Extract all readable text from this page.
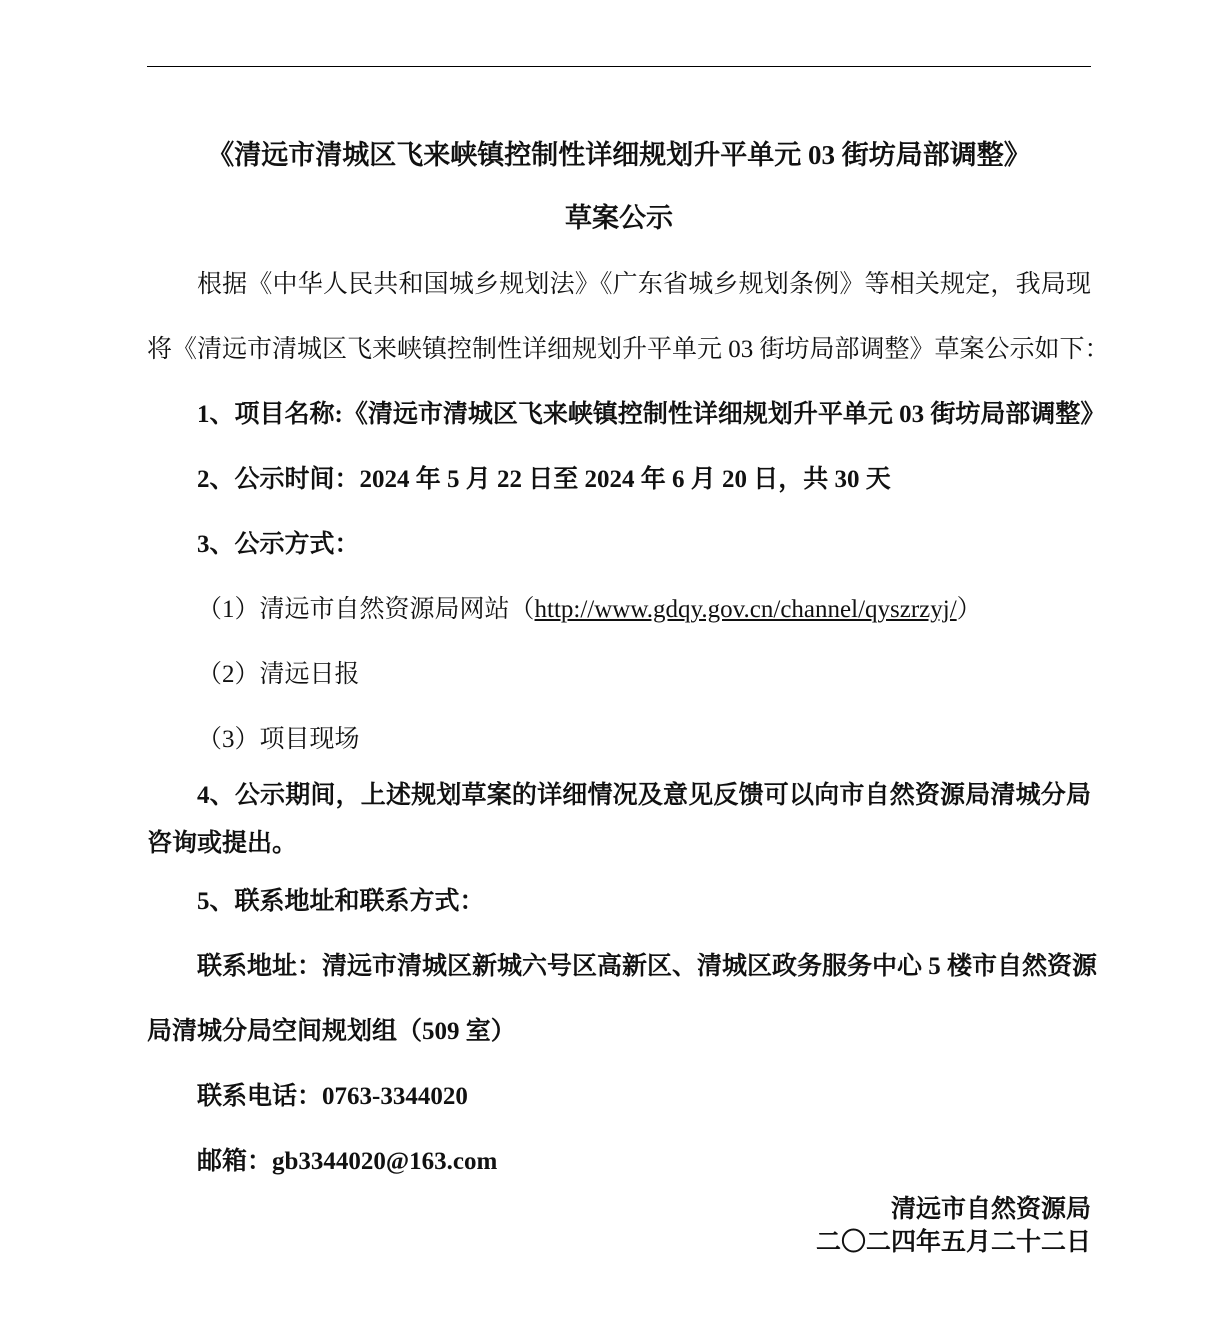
《清远市清城区飞来峡镇控制性详细规划升平单元 03 街坊局部调整》
草案公示
根据《中华人民共和国城乡规划法》《广东省城乡规划条例》等相关规定，我局现
将《清远市清城区飞来峡镇控制性详细规划升平单元 03 街坊局部调整》草案公示如下：
1、项目名称:《清远市清城区飞来峡镇控制性详细规划升平单元 03 街坊局部调整》
2、公示时间：2024 年 5 月 22 日至 2024 年 6 月 20 日，共 30 天
3、公示方式：
（1）清远市自然资源局网站（http://www.gdqy.gov.cn/channel/qyszrzyj/）
（2）清远日报
（3）项目现场
4、公示期间，上述规划草案的详细情况及意见反馈可以向市自然资源局清城分局
咨询或提出。
5、联系地址和联系方式：
联系地址：清远市清城区新城六号区高新区、清城区政务服务中心 5 楼市自然资源
局清城分局空间规划组（509 室）
联系电话：0763-3344020
邮箱：gb3344020@163.com
清远市自然资源局
二〇二四年五月二十二日
